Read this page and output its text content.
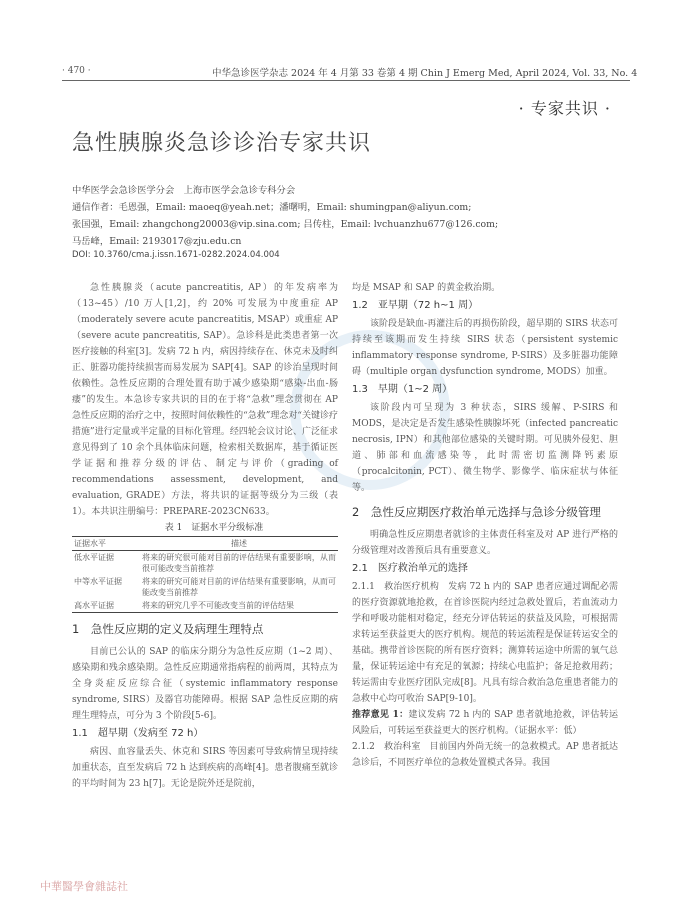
· 470 ·	中华急诊医学杂志 2024 年 4 月第 33 卷第 4 期 Chin J Emerg Med, April 2024, Vol. 33, No. 4
· 专家共识 ·
急性胰腺炎急诊诊治专家共识
中华医学会急诊医学分会　上海市医学会急诊专科分会
通信作者：毛恩强，Email: maoeq@yeah.net；潘曙明，Email: shumingpan@aliyun.com;
张国强，Email: zhangchong20003@vip.sina.com; 吕传柱，Email: lvchuanzhu677@126.com;
马岳峰，Email: 2193017@zju.edu.cn
DOI: 10.3760/cma.j.issn.1671-0282.2024.04.004

急性胰腺炎（acute pancreatitis, AP）的年发病率为（13~45）/10 万人[1,2]，约 20% 可发展为中度重症 AP（moderately severe acute pancreatitis, MSAP）或重症 AP（severe acute pancreatitis, SAP）。急诊科是此类患者第一次医疗接触的科室[3]。发病 72 h 内，病因持续存在、休克未及时纠正、脏器功能持续损害而易发展为 SAP[4]。SAP 的诊治呈现时间依赖性。急性反应期的合理处置有助于减少感染期“感染-出血-肠痿”的发生。本急诊专家共识的目的在于将“急救”理念贯彻在 AP 急性反应期的治疗之中，按照时间依赖性的“急救”理念对“关键诊疗措施”进行定量或半定量的目标化管理。经四轮会议讨论、广泛征求意见得到了 10 余个具体临床问题，检索相关数据库，基于循证医学证据和推荐分级的评估、制定与评价（grading of recommendations assessment, development, and evaluation, GRADE）方法，将共识的证据等级分为三级（表 1）。本共识注册编号：PREPARE-2023CN633。

表 1　证据水平分级标准

证据水平	描述
低水平证据	将来的研究很可能对目前的评估结果有重要影响，从而很可能改变当前推荐
中等水平证据	将来的研究可能对目前的评估结果有重要影响，从而可能改变当前推荐
高水平证据	将来的研究几乎不可能改变当前的评估结果

1　急性反应期的定义及病理生理特点

目前已公认的 SAP 的临床分期分为急性反应期（1~2 周）、感染期和残余感染期。急性反应期通常指病程的前两周，其特点为全身炎症反应综合征（systemic inflammatory response syndrome, SIRS）及器官功能障碍。根据 SAP 急性反应期的病理生理特点，可分为 3 个阶段[5-6]。

1.1　超早期（发病至 72 h）

病因、血容量丢失、休克和 SIRS 等因素可导致病情呈现持续加重状态，直至发病后 72 h 达到疾病的高峰[4]。患者腹痛至就诊的平均时间为 23 h[7]。无论是院外还是院前，

均是 MSAP 和 SAP 的黄金救治期。

1.2　亚早期（72 h~1 周）

该阶段是缺血-再灌注后的再损伤阶段，超早期的 SIRS 状态可持续至该期而发生持续 SIRS 状态（persistent systemic inflammatory response syndrome, P-SIRS）及多脏器功能障碍（multiple organ dysfunction syndrome, MODS）加重。

1.3　早期（1~2 周）

该阶段内可呈现为 3 种状态，SIRS 缓解、P-SIRS 和 MODS，是决定是否发生感染性胰腺坏死（infected pancreatic necrosis, IPN）和其他部位感染的关键时期。可见胰外侵犯、胆道、肺部和血流感染等，此时需密切监测降钙素原（procalcitonin, PCT）、微生物学、影像学、临床症状与体征等。

2　急性反应期医疗救治单元选择与急诊分级管理

明确急性反应期患者就诊的主体责任科室及对 AP 进行严格的分级管理对改善预后具有重要意义。

2.1　医疗救治单元的选择

2.1.1　救治医疗机构　发病 72 h 内的 SAP 患者应通过调配必需的医疗资源就地抢救，在首诊医院内经过急救处置后，若血流动力学和呼吸功能相对稳定，经充分评估转运的获益及风险，可根据需求转运至获益更大的医疗机构。规范的转运流程是保证转运安全的基础。携带首诊医院的所有医疗资料；测算转运途中所需的氧气总量，保证转运途中有充足的氧源；持续心电监护；备足抢救用药；转运需由专业医疗团队完成[8]。凡具有综合救治急危重患者能力的急救中心均可收治 SAP[9-10]。

推荐意见 1：建议发病 72 h 内的 SAP 患者就地抢救，评估转运风险后，可转运至获益更大的医疗机构。（证据水平：低）

2.1.2　救治科室　目前国内外尚无统一的急救模式。AP 患者抵达急诊后，不同医疗单位的急救处置模式各异。我国

中華醫學會雜誌社
